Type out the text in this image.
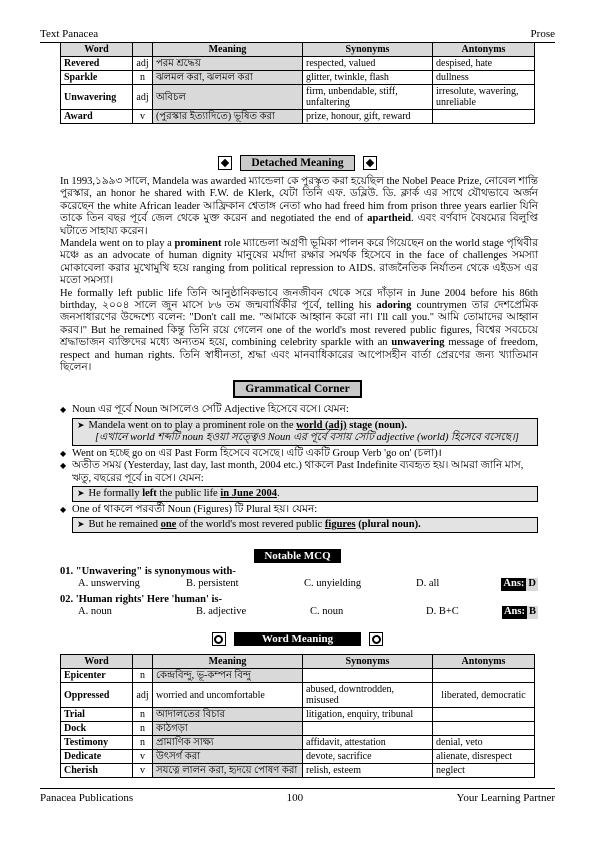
Text Panacea	Prose
Word		Meaning	Synonyms	Antonyms
Revered	adj	পরম শ্রদ্ধেয়	respected, valued	despised, hate
Sparkle	n	ঝলমল করা, ঝলমল করা	glitter, twinkle, flash	dullness
Unwavering	adj	অবিচল	firm, unbendable, stiff, unfaltering	irresolute, wavering, unreliable
Award	v	(পুরস্কার ইত্যাদিতে) ভূষিত করা	prize, honour, gift, reward	
Detached Meaning

In 1993,১৯৯৩ সালে, Mandela was awarded ম্যান্ডেলা কে পুরস্কৃত করা হয়েছিল the Nobel Peace Prize, নোবেল শান্তি পুরস্কার, an honor he shared with F.W. de Klerk, যেটা তিনি এফ. ডব্লিউ. ডি. ক্লার্ক এর সাথে যৌথভাবে অর্জন করেছেন the white African leader আফ্রিকান শ্বেতাঙ্গ নেতা who had freed him from prison three years earlier যিনি তাকে তিন বছর পূর্বে জেল থেকে মুক্ত করেন and negotiated the end of apartheid. এবং বর্ণবাদ বৈষম্যের বিলুপ্তি ঘটাতে সাহায্য করেন।

Mandela went on to play a prominent role ম্যান্ডেলা অগ্রণী ভূমিকা পালন করে গিয়েছেন on the world stage পৃথিবীর মঞ্চে as an advocate of human dignity মানুষের মর্যাদা রক্ষার সমর্থক হিসেবে in the face of challenges সমস্যা মোকাবেলা করার মুখোমুখি হয়ে ranging from political repression to AIDS. রাজনৈতিক নির্যাতন থেকে এইডস এর মতো সমস্যা।

He formally left public life তিনি আনুষ্ঠানিকভাবে জনজীবন থেকে সরে দাঁড়ান in June 2004 before his 86th birthday, ২০০৪ সালে জুন মাসে ৮৬ তম জন্মবার্ষিকীর পূর্বে, telling his adoring countrymen তার দেশপ্রেমিক জনসাধারণের উদ্দেশ্যে বলেন: "Don't call me. "আমাকে আহ্বান করো না। I'll call you." আমি তোমাদের আহ্বান করব।" But he remained কিন্তু তিনি রয়ে গেলেন one of the world's most revered public figures, বিশ্বের সবচেয়ে শ্রদ্ধাভাজন ব্যক্তিদের মধ্যে অন্যতম হয়ে, combining celebrity sparkle with an unwavering message of freedom, respect and human rights. তিনি স্বাধীনতা, শ্রদ্ধা এবং মানবাধিকারের আপোসহীন বার্তা প্রেরণের জন্য খ্যাতিমান ছিলেন।

Grammatical Corner
◆ Noun এর পূর্বে Noun আসলেও সেটি Adjective হিসেবে বসে। যেমন:
➤ Mandela went on to play a prominent role on the world (adj) stage (noun).
[এখানে world শব্দটি noun হওয়া সত্ত্বেও Noun এর পূর্বে বসায় সেটি adjective (world) হিসেবে বসেছে।]
◆ Went on হচ্ছে go on এর Past Form হিসেবে বসেছে। এটি একটি Group Verb 'go on' (চলা)।
◆ অতীত সময় (Yesterday, last day, last month, 2004 etc.) থাকলে Past Indefinite ব্যবহৃত হয়। আমরা জানি মাস, ঋতু, বছরের পূর্বে in বসে। যেমন:
➤ He formally left the public life in June 2004.
◆ One of থাকলে পরবর্তী Noun (Figures) টি Plural হয়। যেমন:
➤ But he remained one of the world's most revered public figures (plural noun).
Notable MCQ
01. "Unwavering" is synonymous with-
A. unswerving	B. persistent	C. unyielding	D. all	Ans: D
02. 'Human rights' Here 'human' is-
A. noun	B. adjective	C. noun	D. B+C	Ans: B
Word Meaning
Word		Meaning	Synonyms	Antonyms
Epicenter	n	কেন্দ্রবিন্দু, ভূ-কম্পন বিন্দু		
Oppressed	adj	worried and uncomfortable	abused, downtrodden, misused	liberated, democratic
Trial	n	আদালতের বিচার	litigation, enquiry, tribunal	
Dock	n	কাঠগড়া		
Testimony	n	প্রামাণিক সাক্ষ্য	affidavit, attestation	denial, veto
Dedicate	v	উৎসর্গ করা	devote, sacrifice	alienate, disrespect
Cherish	v	সযত্নে লালন করা, হৃদয়ে পোষণ করা	relish, esteem	neglect
Panacea Publications	100	Your Learning Partner
